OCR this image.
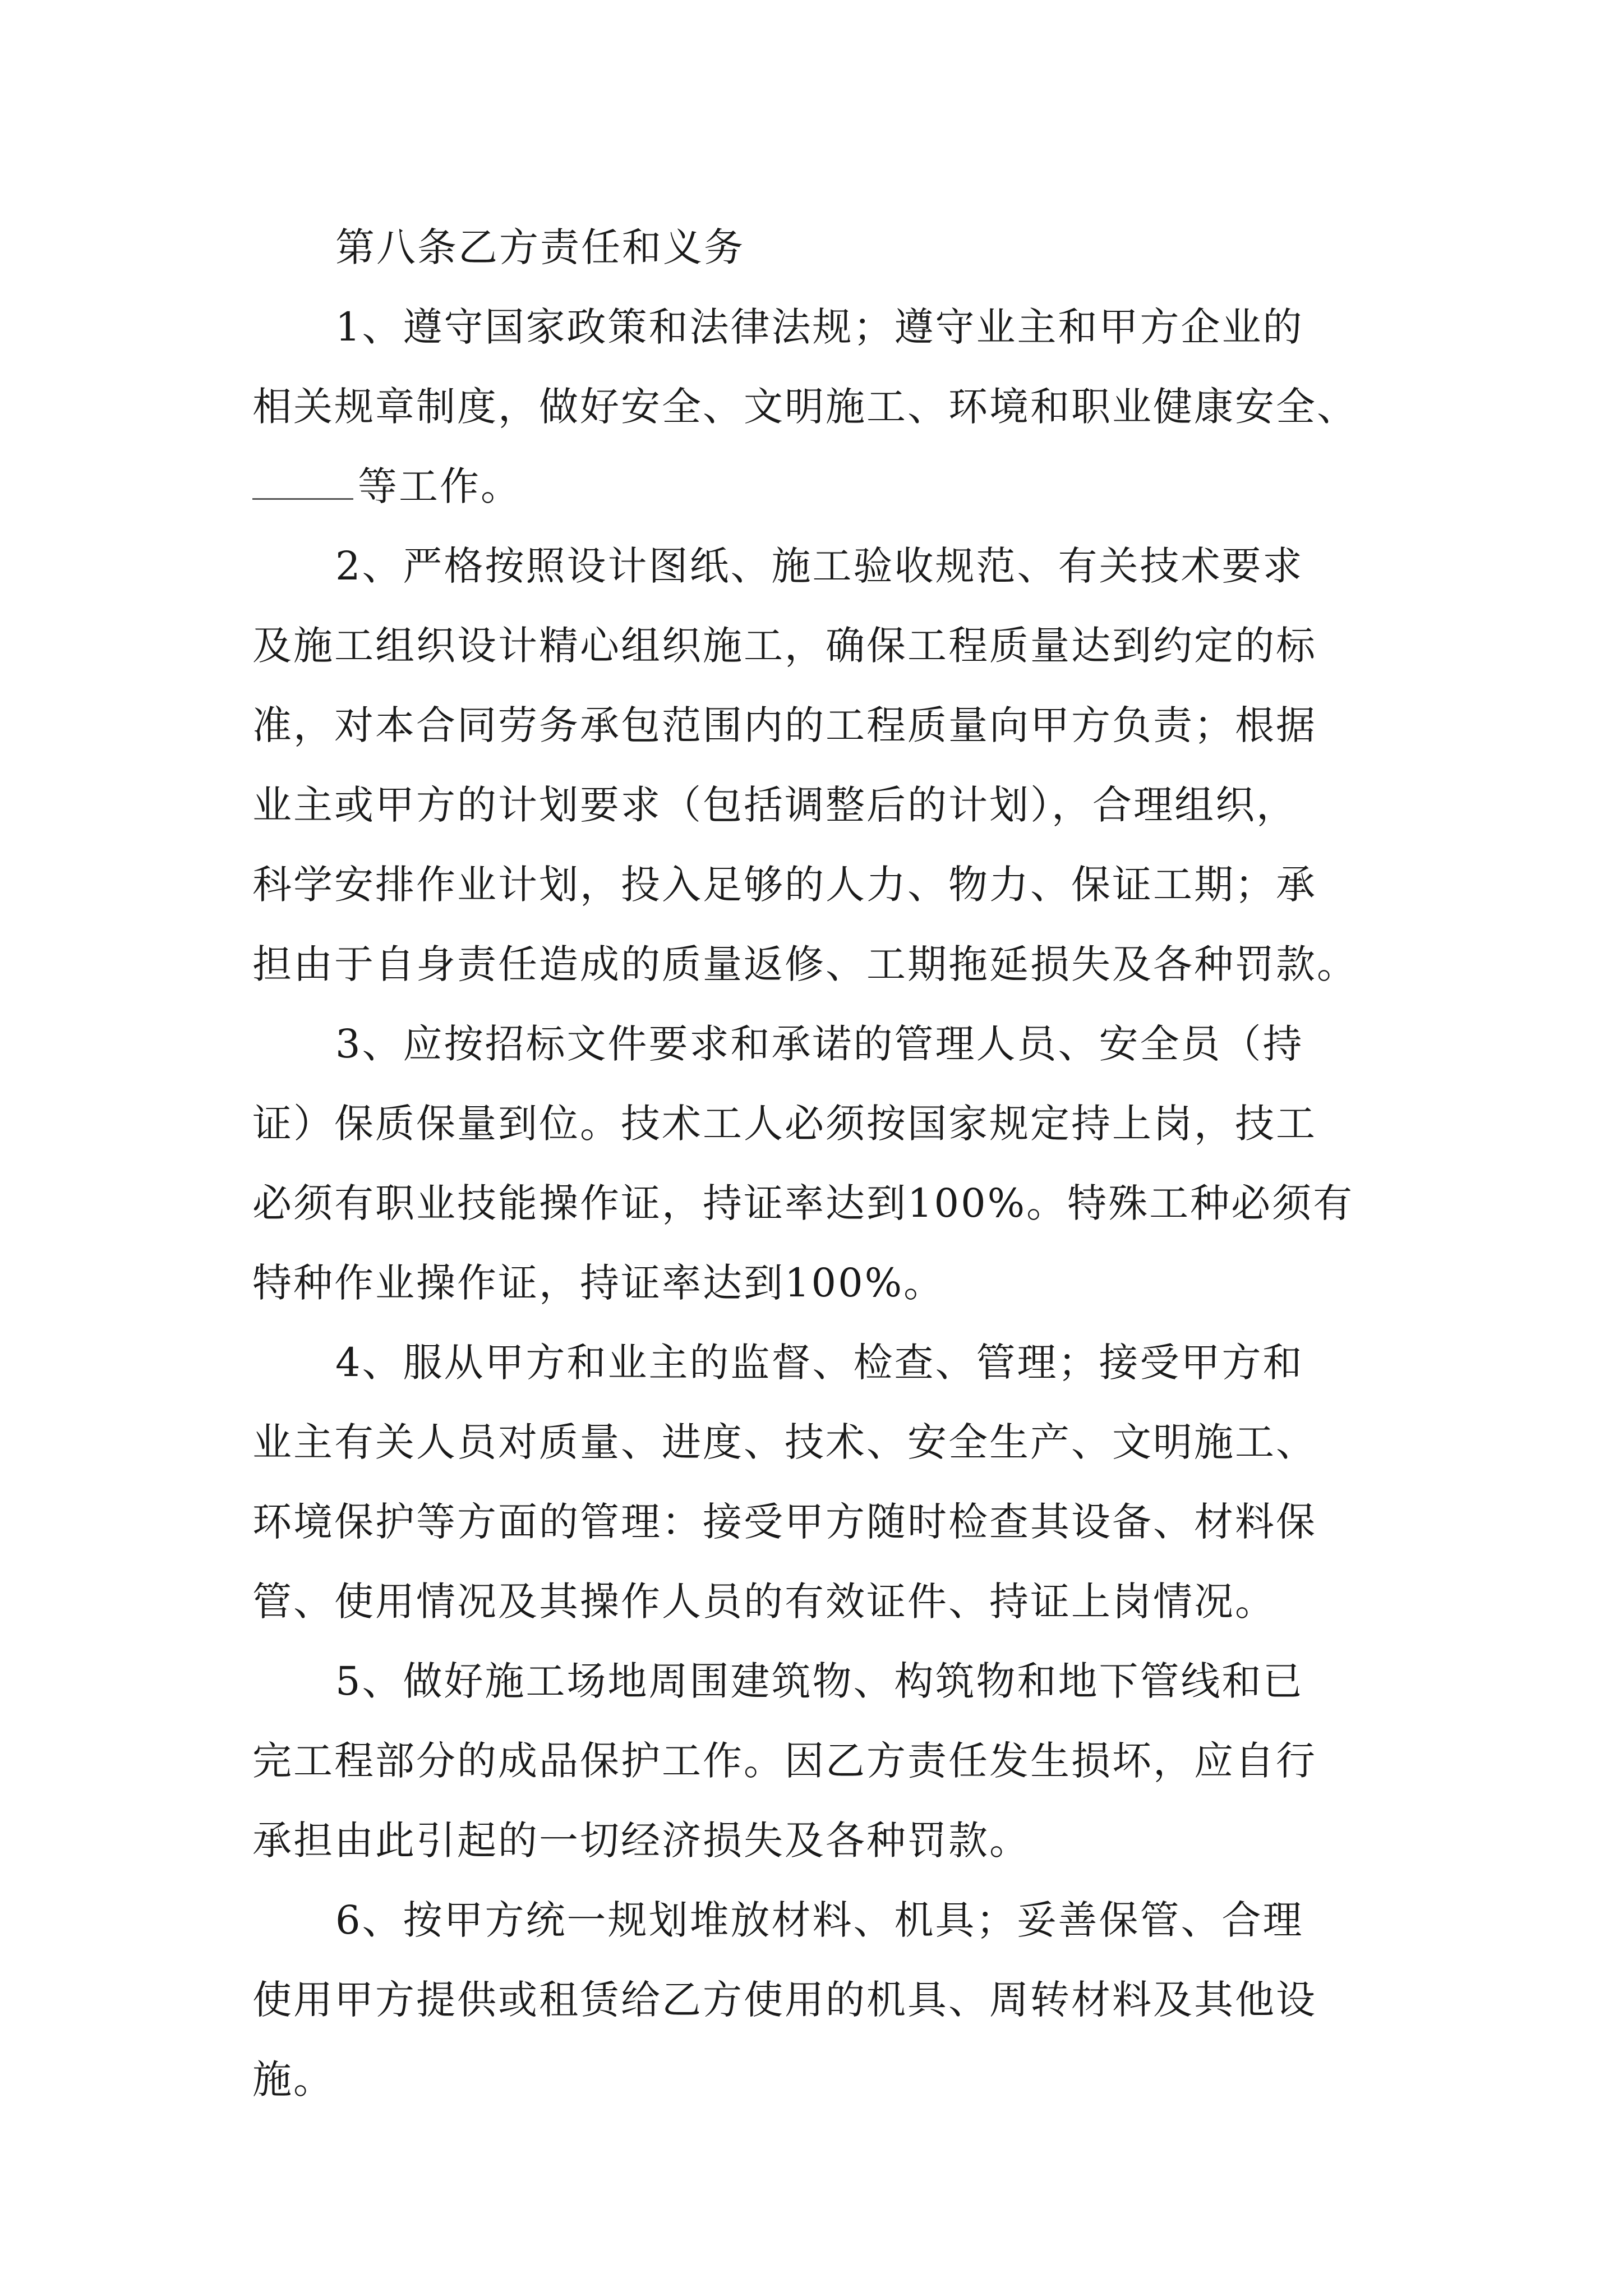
第八条乙方责任和义务
1、遵守国家政策和法律法规；遵守业主和甲方企业的
相关规章制度，做好安全、文明施工、环境和职业健康安全、
等工作。
2、严格按照设计图纸、施工验收规范、有关技术要求
及施工组织设计精心组织施工，确保工程质量达到约定的标
准，对本合同劳务承包范围内的工程质量向甲方负责；根据
业主或甲方的计划要求（包括调整后的计划），合理组织，
科学安排作业计划，投入足够的人力、物力、保证工期；承
担由于自身责任造成的质量返修、工期拖延损失及各种罚款。
3、应按招标文件要求和承诺的管理人员、安全员（持
证）保质保量到位。技术工人必须按国家规定持上岗，技工
必须有职业技能操作证，持证率达到100%。特殊工种必须有
特种作业操作证，持证率达到100%。
4、服从甲方和业主的监督、检查、管理；接受甲方和
业主有关人员对质量、进度、技术、安全生产、文明施工、
环境保护等方面的管理：接受甲方随时检查其设备、材料保
管、使用情况及其操作人员的有效证件、持证上岗情况。
5、做好施工场地周围建筑物、构筑物和地下管线和已
完工程部分的成品保护工作。因乙方责任发生损坏，应自行
承担由此引起的一切经济损失及各种罚款。
6、按甲方统一规划堆放材料、机具；妥善保管、合理
使用甲方提供或租赁给乙方使用的机具、周转材料及其他设
施。
